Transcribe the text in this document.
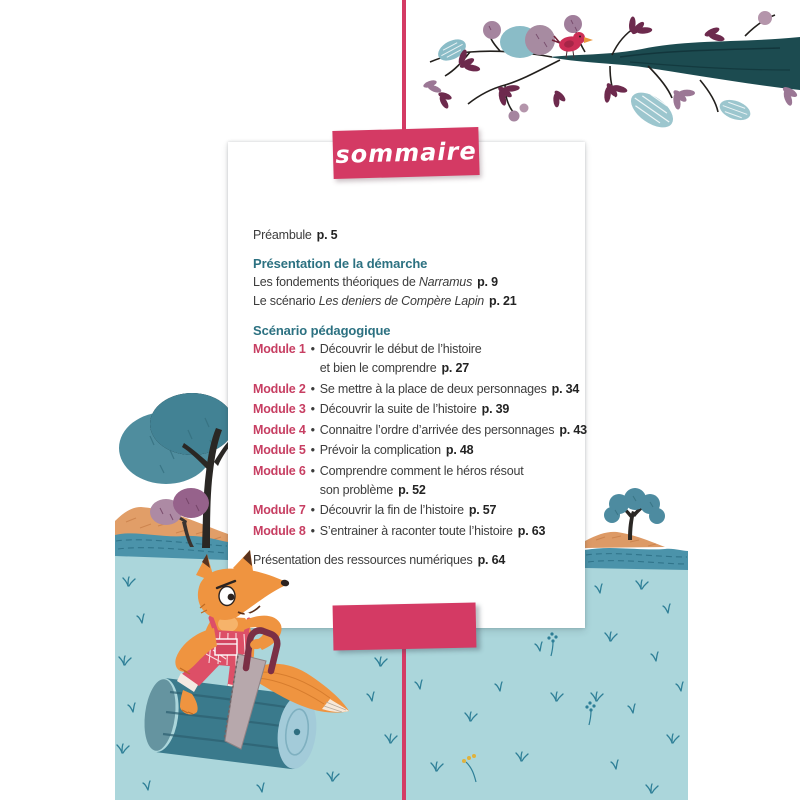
Préambule p. 5
Présentation de la démarche
Les fondements théoriques de Narramus p. 9
Le scénario Les deniers de Compère Lapin p. 21
Scénario pédagogique
Module 1 • Découvrir le début de l’histoire
et bien le comprendre p. 27
Module 2 • Se mettre à la place de deux personnages p. 34
Module 3 • Découvrir la suite de l’histoire p. 39
Module 4 • Connaitre l’ordre d’arrivée des personnages p. 43
Module 5 • Prévoir la complication p. 48
Module 6 • Comprendre comment le héros résout
son problème p. 52
Module 7 • Découvrir la fin de l’histoire p. 57
Module 8 • S’entrainer à raconter toute l’histoire p. 63
Présentation des ressources numériques p. 64
sommaire
